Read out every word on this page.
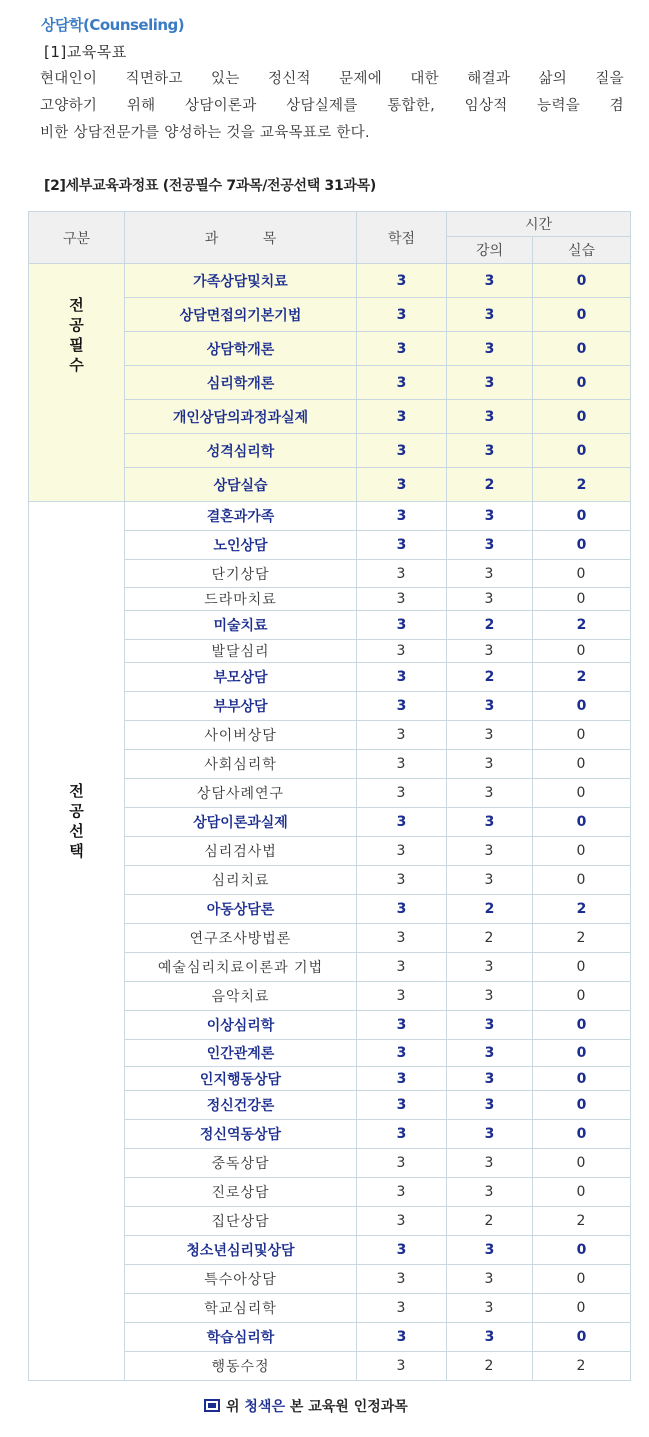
상담학(Counseling)
[1]교육목표
현대인이 직면하고 있는 정신적 문제에 대한 해결과 삶의 질을
고양하기 위해 상담이론과 상담실제를 통합한, 임상적 능력을 겸
비한 상담전문가를 양성하는 것을 교육목표로 한다.
[2]세부교육과정표 (전공필수 7과목/전공선택 31과목)
구분	과          목	학점	시간	
			강의	실습

전
공
필
수	가족상담및치료	3	3	0
	상담면접의기본기법	3	3	0
	상담학개론	3	3	0
	심리학개론	3	3	0
	개인상담의과정과실제	3	3	0
	성격심리학	3	3	0
	상담실습	3	2	2

전
공
선
택	결혼과가족	3	3	0
	노인상담	3	3	0
	단기상담	3	3	0
	드라마치료	3	3	0
	미술치료	3	2	2
	발달심리	3	3	0
	부모상담	3	2	2
	부부상담	3	3	0
	사이버상담	3	3	0
	사회심리학	3	3	0
	상담사례연구	3	3	0
	상담이론과실제	3	3	0
	심리검사법	3	3	0
	심리치료	3	3	0
	아동상담론	3	2	2
	연구조사방법론	3	2	2
	예술심리치료이론과 기법	3	3	0
	음악치료	3	3	0
	이상심리학	3	3	0
	인간관계론	3	3	0
	인지행동상담	3	3	0
	정신건강론	3	3	0
	정신역동상담	3	3	0
	중독상담	3	3	0
	진로상담	3	3	0
	집단상담	3	2	2
	청소년심리및상담	3	3	0
	특수아상담	3	3	0
	학교심리학	3	3	0
	학습심리학	3	3	0
	행동수정	3	2	2
위 청색은 본 교육원 인정과목
